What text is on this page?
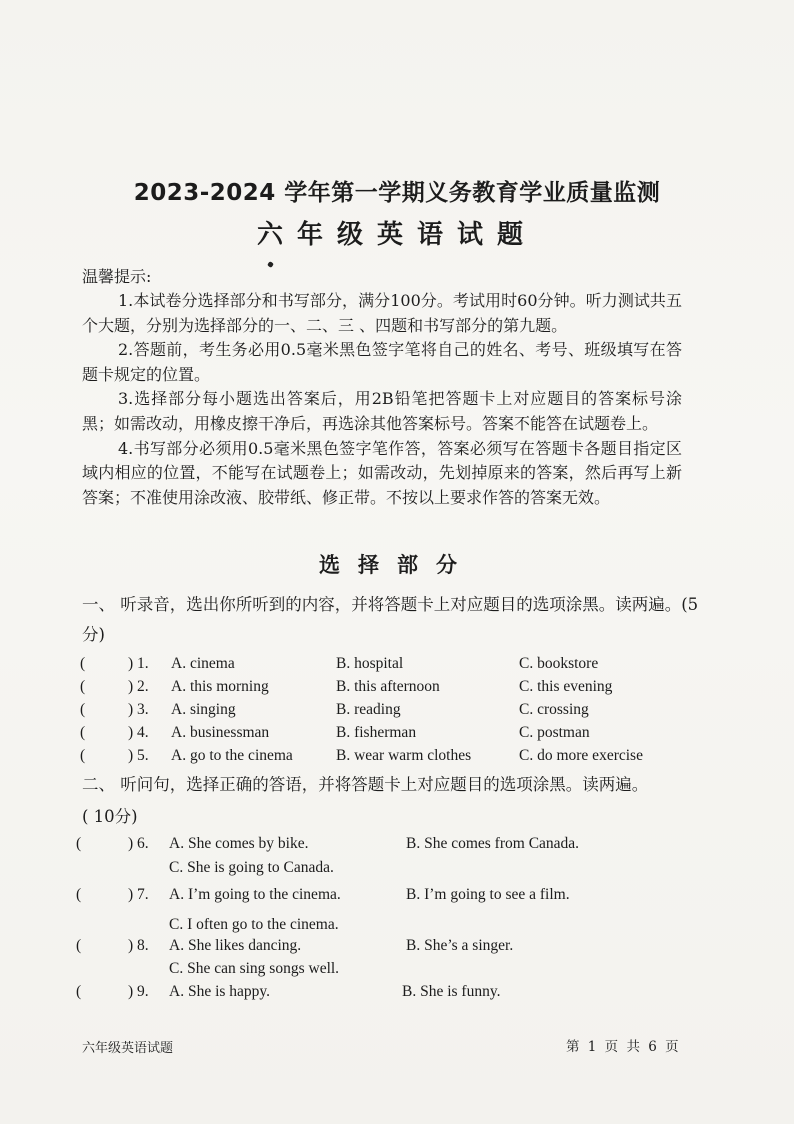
2023-2024 学年第一学期义务教育学业质量监测
六年级英语试题
温馨提示:

1.本试卷分选择部分和书写部分，满分100分。考试用时60分钟。听力测试共五个大题，分别为选择部分的一、二、三 、四题和书写部分的第九题。

2.答题前，考生务必用0.5毫米黑色签字笔将自己的姓名、考号、班级填写在答题卡规定的位置。

3.选择部分每小题选出答案后，用2B铅笔把答题卡上对应题目的答案标号涂黑；如需改动，用橡皮擦干净后，再选涂其他答案标号。答案不能答在试题卷上。

4.书写部分必须用0.5毫米黑色签字笔作答，答案必须写在答题卡各题目指定区域内相应的位置，不能写在试题卷上；如需改动，先划掉原来的答案，然后再写上新答案；不准使用涂改液、胶带纸、修正带。不按以上要求作答的答案无效。

选择部分
一、 听录音，选出你所听到的内容，并将答题卡上对应题目的选项涂黑。读两遍。(5分)
(	) 1. A. cinema	B. hospital	C. bookstore
(	) 2. A. this morning	B. this afternoon	C. this evening
(	) 3. A. singing	B. reading	C. crossing
(	) 4. A. businessman	B. fisherman	C. postman
(	) 5. A. go to the cinema	B. wear warm clothes	C. do more exercise
二、 听问句，选择正确的答语，并将答题卡上对应题目的选项涂黑。读两遍。
( 10分)
(	) 6. A. She comes by bike.	B. She comes from Canada.
C. She is going to Canada.
(	) 7. A. I’m going to the cinema.	B. I’m going to see a film.
C. I often go to the cinema.
(	) 8. A. She likes dancing.	B. She’s a singer.
C. She can sing songs well.
(	) 9. A. She is happy.	B. She is funny.
六年级英语试题	第 1 页 共 6 页
